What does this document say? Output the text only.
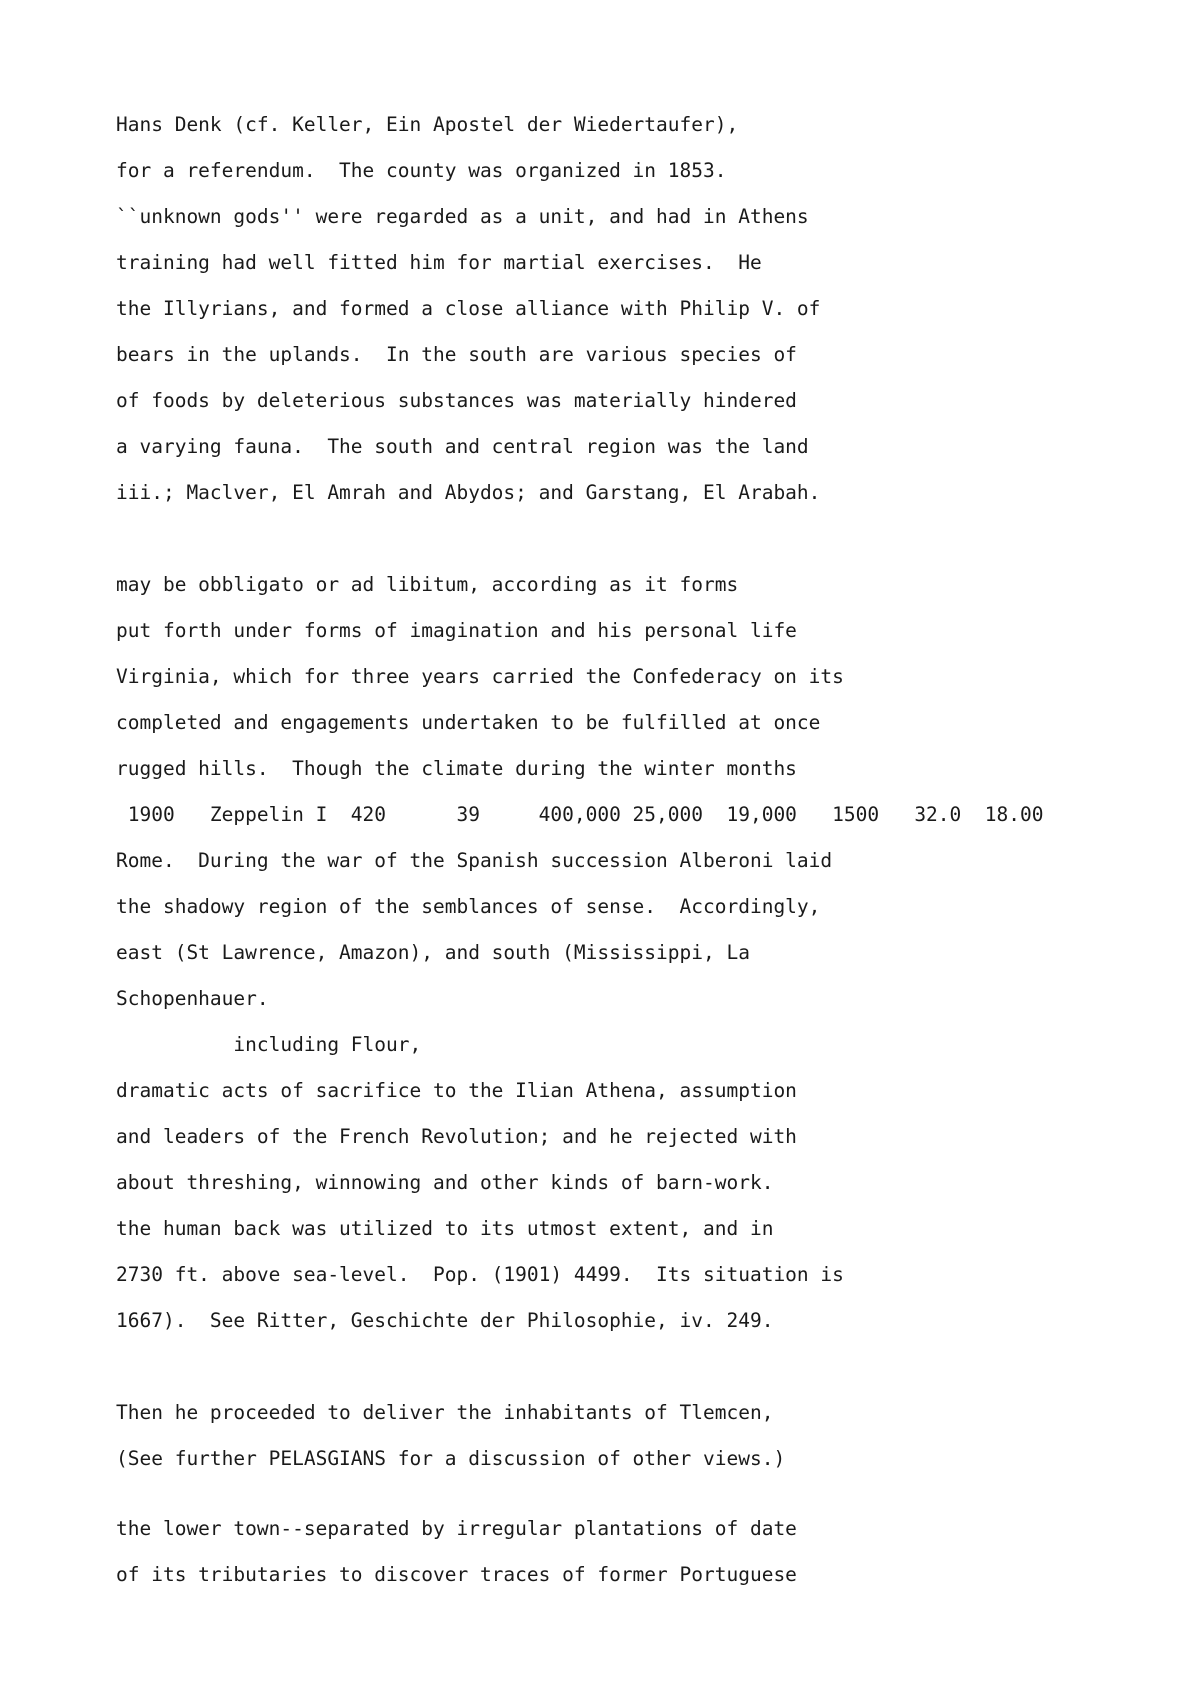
Hans Denk (cf. Keller, Ein Apostel der Wiedertaufer),

for a referendum.  The county was organized in 1853.

``unknown gods'' were regarded as a unit, and had in Athens

training had well fitted him for martial exercises.  He

the Illyrians, and formed a close alliance with Philip V. of

bears in the uplands.  In the south are various species of

of foods by deleterious substances was materially hindered

a varying fauna.  The south and central region was the land

iii.; Maclver, El Amrah and Abydos; and Garstang, El Arabah.

may be obbligato or ad libitum, according as it forms

put forth under forms of imagination and his personal life

Virginia, which for three years carried the Confederacy on its

completed and engagements undertaken to be fulfilled at once

rugged hills.  Though the climate during the winter months

1900   Zeppelin I  420      39     400,000 25,000  19,000   1500   32.0  18.00

Rome.  During the war of the Spanish succession Alberoni laid

the shadowy region of the semblances of sense.  Accordingly,

east (St Lawrence, Amazon), and south (Mississippi, La

Schopenhauer.

including Flour,

dramatic acts of sacrifice to the Ilian Athena, assumption

and leaders of the French Revolution; and he rejected with

about threshing, winnowing and other kinds of barn-work.

the human back was utilized to its utmost extent, and in

2730 ft. above sea-level.  Pop. (1901) 4499.  Its situation is

1667).  See Ritter, Geschichte der Philosophie, iv. 249.

Then he proceeded to deliver the inhabitants of Tlemcen,

(See further PELASGIANS for a discussion of other views.)

the lower town--separated by irregular plantations of date

of its tributaries to discover traces of former Portuguese
